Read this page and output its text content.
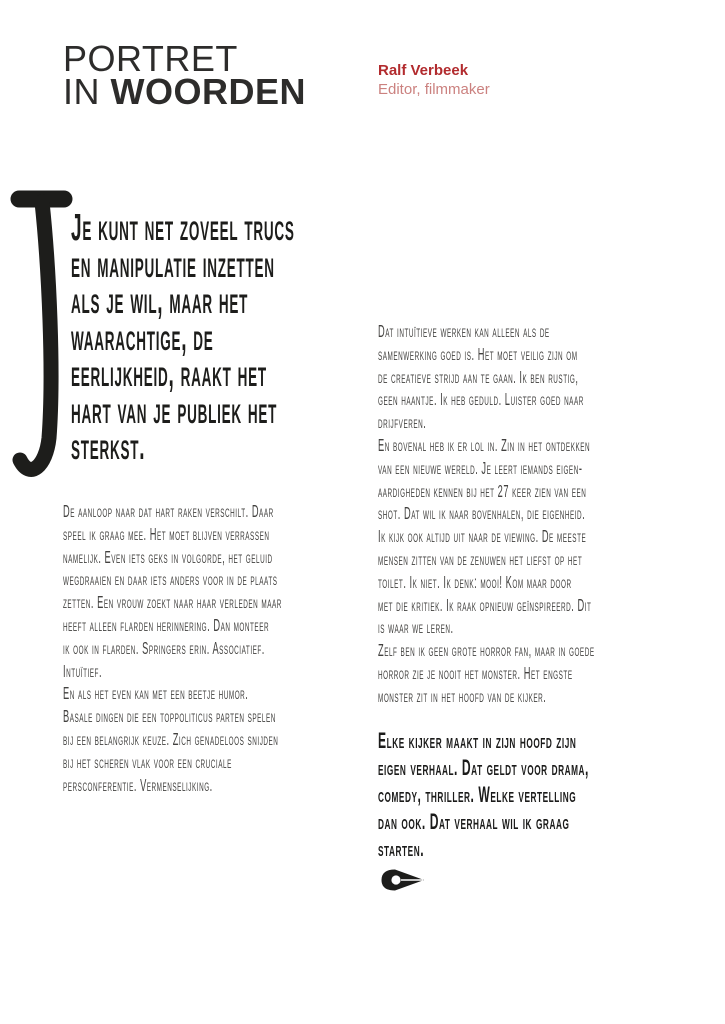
PORTRET
IN WOORDEN
Ralf Verbeek
Editor, filmmaker
Je kunt net zoveel trucs
en manipulatie inzetten
als je wil, maar het
waarachtige, de
eerlijkheid, raakt het
hart van je publiek het
sterkst.
De aanloop naar dat hart raken verschilt. Daar
speel ik graag mee. Het moet blijven verrassen
namelijk. Even iets geks in volgorde, het geluid
wegdraaien en daar iets anders voor in de plaats
zetten. Een vrouw zoekt naar haar verleden maar
heeft alleen flarden herinnering. Dan monteer
ik ook in flarden. Springers erin. Associatief.
Intuïtief.
En als het even kan met een beetje humor.
Basale dingen die een toppoliticus parten spelen
bij een belangrijk keuze. Zich genadeloos snijden
bij het scheren vlak voor een cruciale
persconferentie. Vermenselijking.
Dat intuïtieve werken kan alleen als de
samenwerking goed is. Het moet veilig zijn om
de creatieve strijd aan te gaan. Ik ben rustig,
geen haantje. Ik heb geduld. Luister goed naar
drijfveren.
En bovenal heb ik er lol in. Zin in het ontdekken
van een nieuwe wereld. Je leert iemands eigen-
aardigheden kennen bij het 27 keer zien van een
shot. Dat wil ik naar bovenhalen, die eigenheid.
Ik kijk ook altijd uit naar de viewing. De meeste
mensen zitten van de zenuwen het liefst op het
toilet. Ik niet. Ik denk: mooi! Kom maar door
met die kritiek. Ik raak opnieuw geïnspireerd. Dit
is waar we leren.
Zelf ben ik geen grote horror fan, maar in goede
horror zie je nooit het monster. Het engste
monster zit in het hoofd van de kijker.
Elke kijker maakt in zijn hoofd zijn
eigen verhaal. Dat geldt voor drama,
comedy, thriller. Welke vertelling
dan ook. Dat verhaal wil ik graag
starten.
